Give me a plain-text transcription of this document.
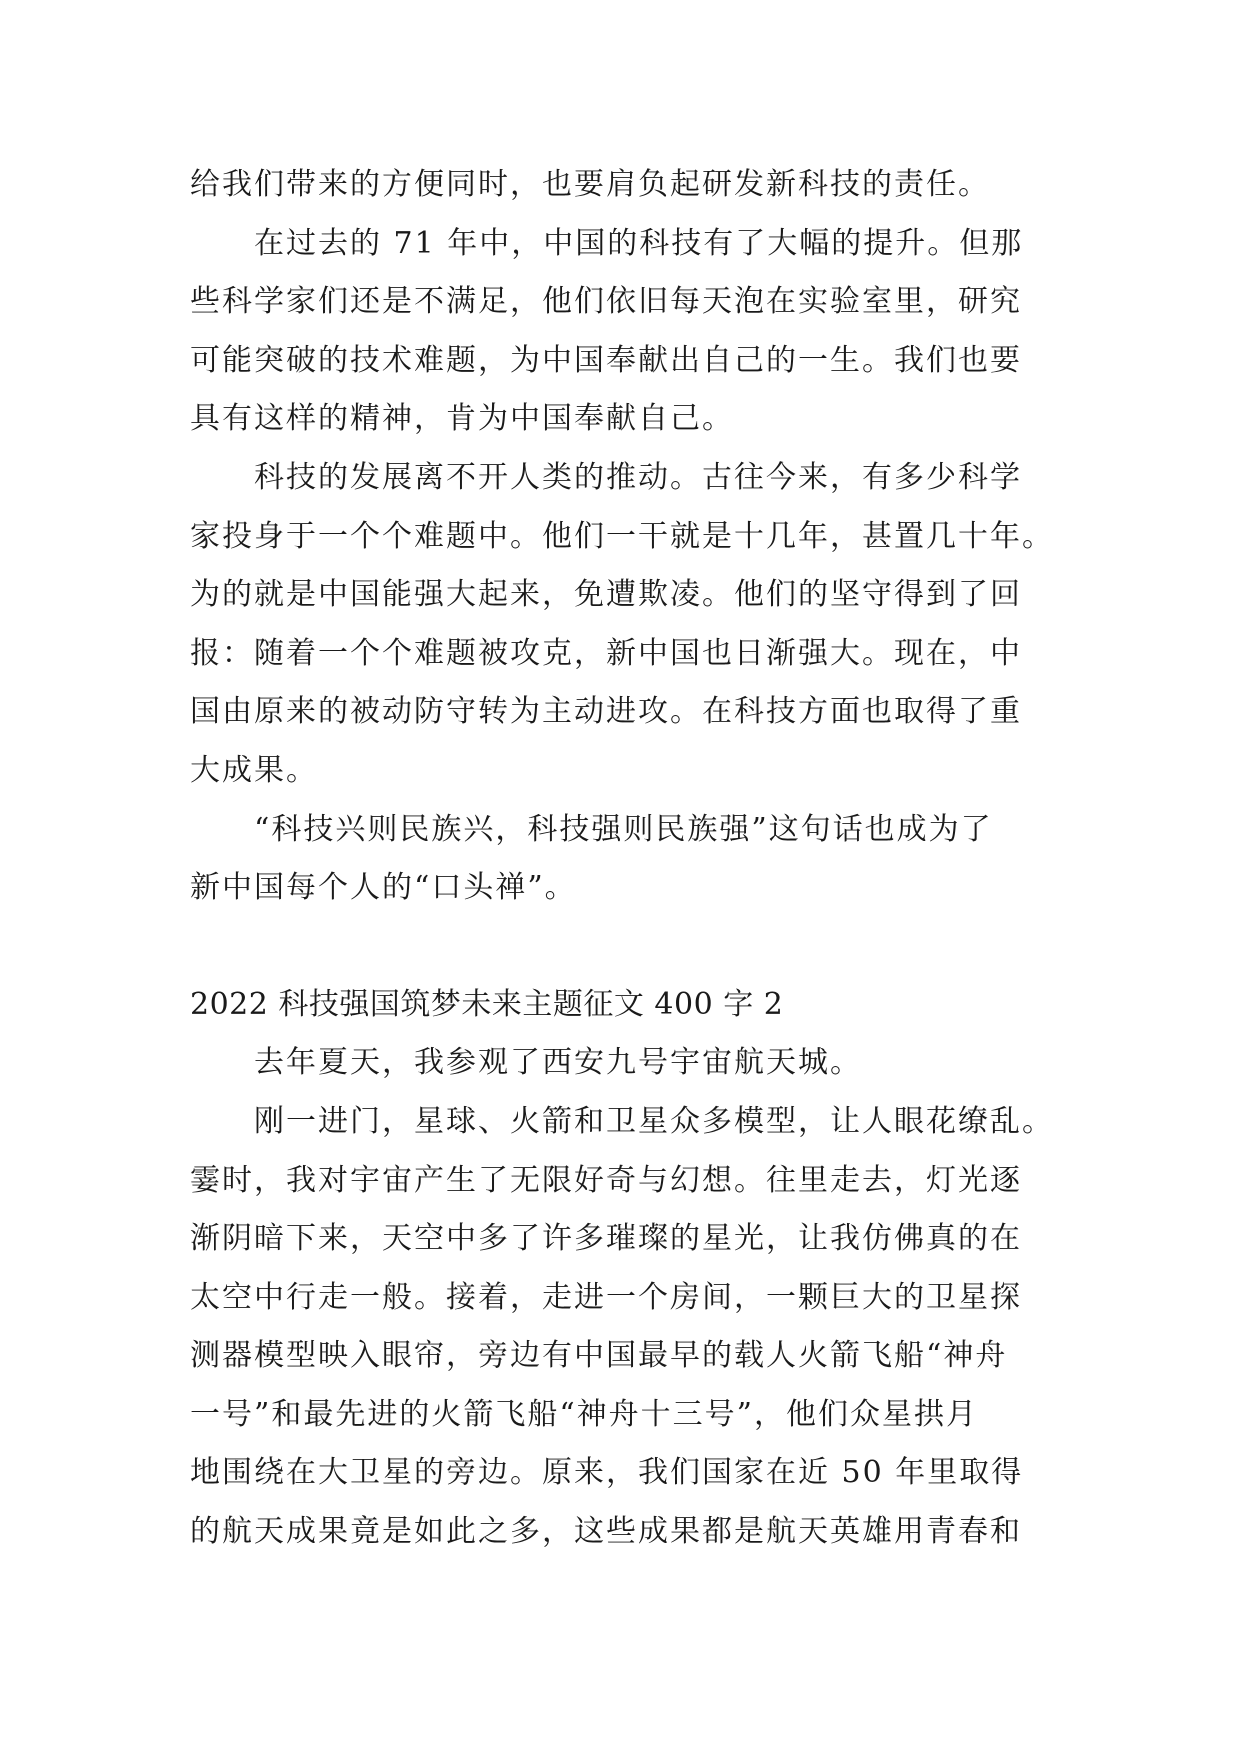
给我们带来的方便同时，也要肩负起研发新科技的责任。
在过去的 71 年中，中国的科技有了大幅的提升。但那
些科学家们还是不满足，他们依旧每天泡在实验室里，研究
可能突破的技术难题，为中国奉献出自己的一生。我们也要
具有这样的精神，肯为中国奉献自己。
科技的发展离不开人类的推动。古往今来，有多少科学
家投身于一个个难题中。他们一干就是十几年，甚置几十年。
为的就是中国能强大起来，免遭欺凌。他们的坚守得到了回
报：随着一个个难题被攻克，新中国也日渐强大。现在，中
国由原来的被动防守转为主动进攻。在科技方面也取得了重
大成果。
“科技兴则民族兴，科技强则民族强”这句话也成为了
新中国每个人的“口头禅”。
2022 科技强国筑梦未来主题征文 400 字 2
去年夏天，我参观了西安九号宇宙航天城。
刚一进门，星球、火箭和卫星众多模型，让人眼花缭乱。
霎时，我对宇宙产生了无限好奇与幻想。往里走去，灯光逐
渐阴暗下来，天空中多了许多璀璨的星光，让我仿佛真的在
太空中行走一般。接着，走进一个房间，一颗巨大的卫星探
测器模型映入眼帘，旁边有中国最早的载人火箭飞船“神舟
一号”和最先进的火箭飞船“神舟十三号”，他们众星拱月
地围绕在大卫星的旁边。原来，我们国家在近 50 年里取得
的航天成果竟是如此之多，这些成果都是航天英雄用青春和
